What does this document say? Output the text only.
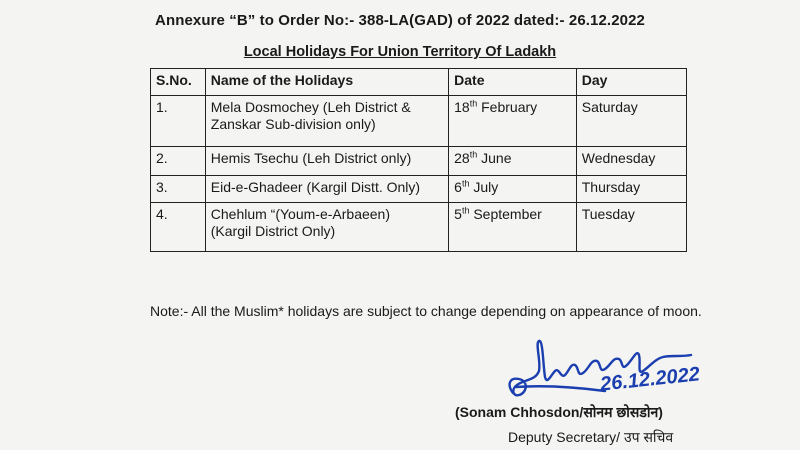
Annexure “B” to Order No:- 388-LA(GAD) of 2022 dated:- 26.12.2022
Local Holidays For Union Territory Of Ladakh
S.No.	Name of the Holidays	Date	Day
1.	Mela Dosmochey (Leh District &
Zanskar Sub-division only)	18th February	Saturday
2.	Hemis Tsechu (Leh District only)	28th June	Wednesday
3.	Eid-e-Ghadeer (Kargil Distt. Only)	6th July	Thursday
4.	Chehlum “(Youm-e-Arbaeen)
(Kargil District Only)	5th September	Tuesday
Note:- All the Muslim* holidays are subject to change depending on appearance of moon.
26.12.2022
(Sonam Chhosdon/सोनम छोसडोन)
Deputy Secretary/ उप सचिव
